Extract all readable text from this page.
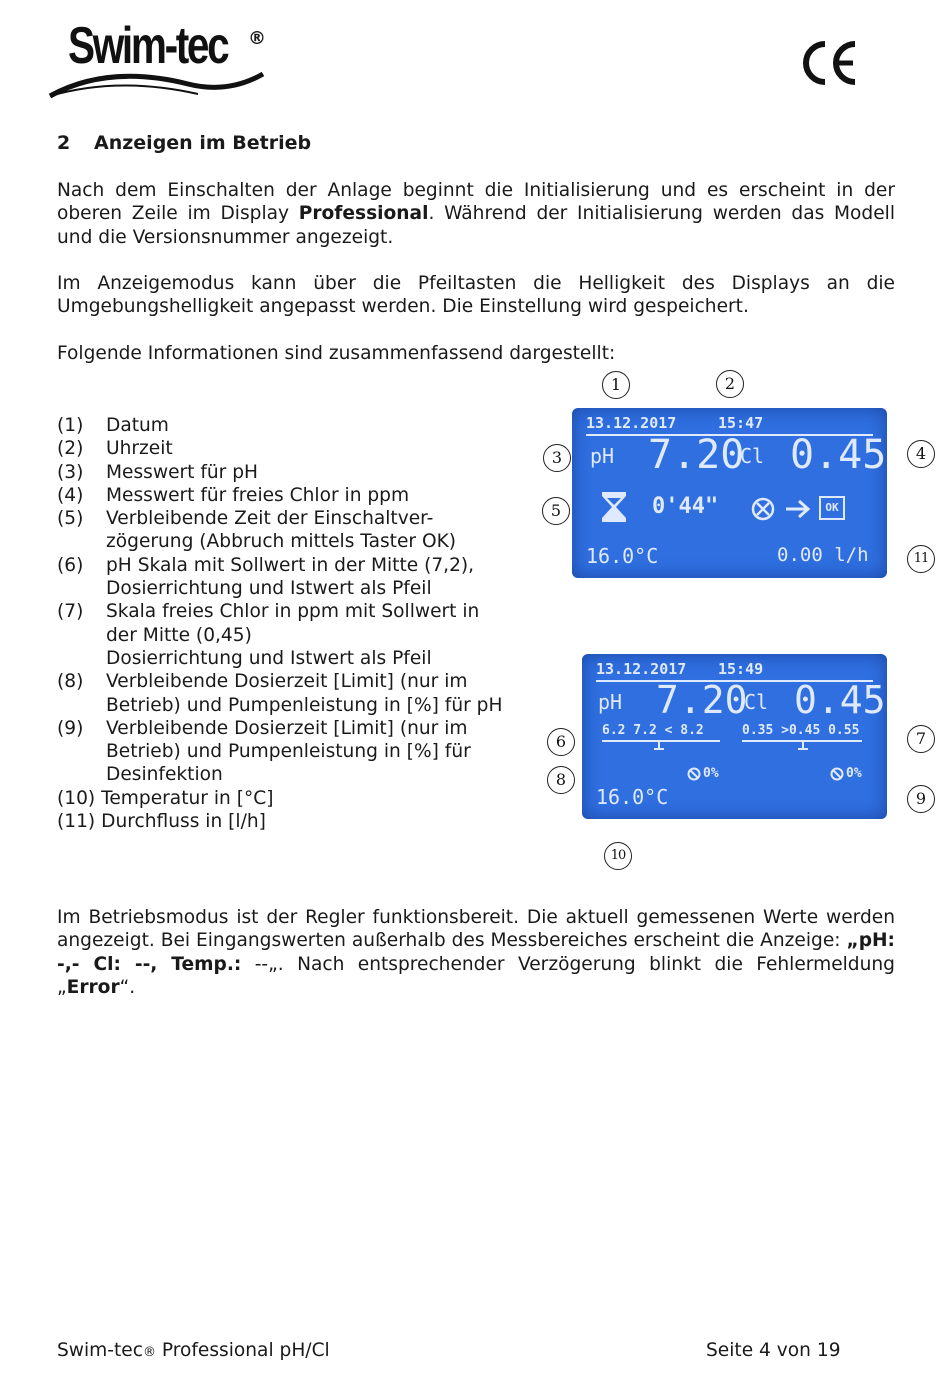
Swim-tec ®
2 Anzeigen im Betrieb
Nach dem Einschalten der Anlage beginnt die Initialisierung und es erscheint in der oberen Zeile im Display Professional. Während der Initialisierung werden das Modell und die Versionsnummer angezeigt.
Im Anzeigemodus kann über die Pfeiltasten die Helligkeit des Displays an die Umgebungshelligkeit angepasst werden. Die Einstellung wird gespeichert.
Folgende Informationen sind zusammenfassend dargestellt:
(1)	Datum
(2)	Uhrzeit
(3)	Messwert für pH
(4)	Messwert für freies Chlor in ppm
(5)	Verbleibende Zeit der Einschaltver-
zögerung (Abbruch mittels Taster OK)
(6)	pH Skala mit Sollwert in der Mitte (7,2),
Dosierrichtung und Istwert als Pfeil
(7)	Skala freies Chlor in ppm mit Sollwert in
der Mitte (0,45)
Dosierrichtung und Istwert als Pfeil
(8)	Verbleibende Dosierzeit [Limit] (nur im
Betrieb) und Pumpenleistung in [%] für pH
(9)	Verbleibende Dosierzeit [Limit] (nur im
Betrieb) und Pumpenleistung in [%] für
Desinfektion
(10) Temperatur in [°C]
(11) Durchfluss in [l/h]
1	2
3	4
5
11
6	7
8
9
10
13.12.2017	15:47
pH 7.20
Cl 0.45
0'44"	OK
16.0°C	0.00 l/h
13.12.2017 15:49
pH 7.20
Cl 0.45
6.2 7.2 < 8.2	0.35 >0.45 0.55
0%	0%
16.0°C
Im Betriebsmodus ist der Regler funktionsbereit. Die aktuell gemessenen Werte werden angezeigt. Bei Eingangswerten außerhalb des Messbereiches erscheint die Anzeige: „pH: -,- Cl: --, Temp.: --„. Nach entsprechender Verzögerung blinkt die Fehlermeldung „Error“.
Swim-tec® Professional pH/Cl	Seite 4 von 19
